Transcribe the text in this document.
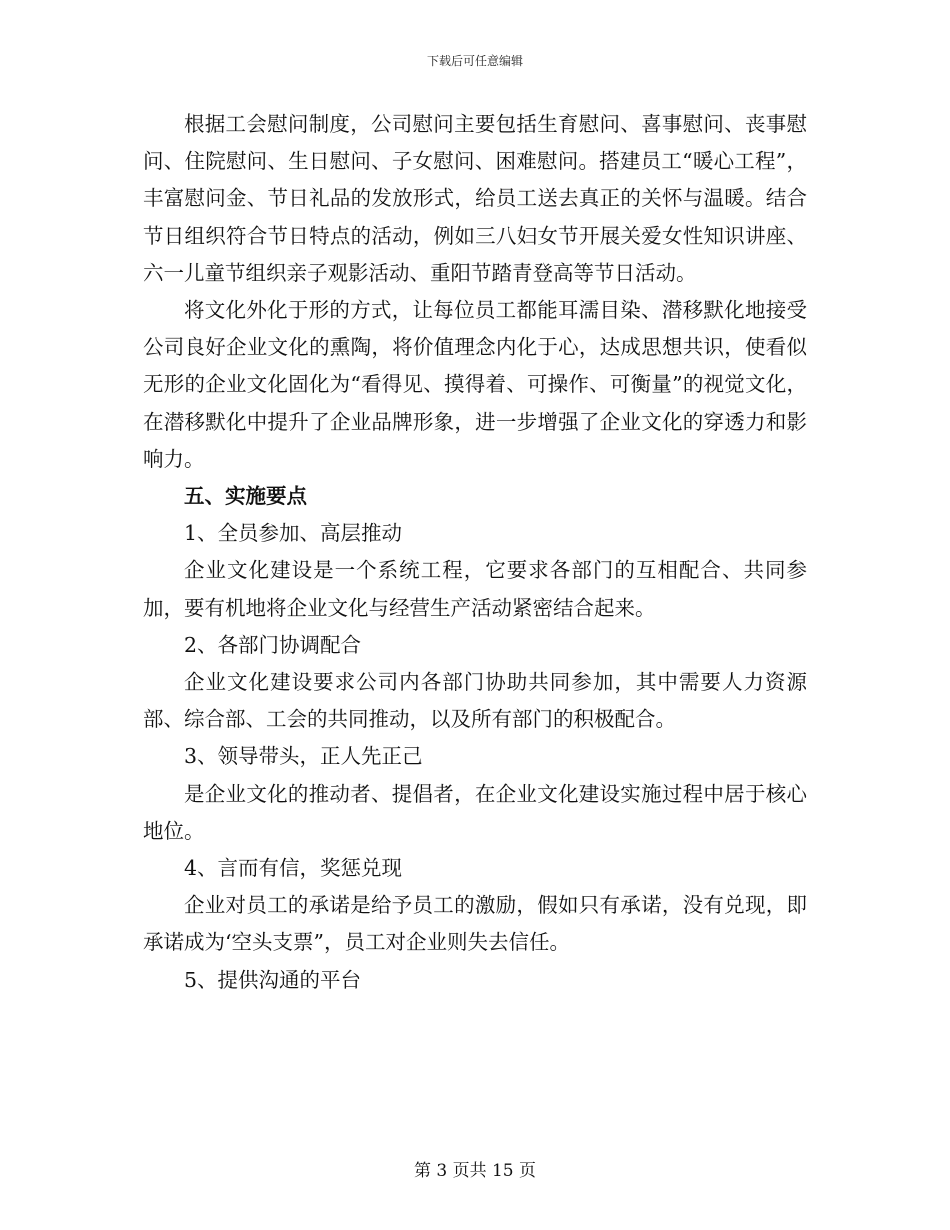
下载后可任意编辑

根据工会慰问制度，公司慰问主要包括生育慰问、喜事慰问、丧事慰问、住院慰问、生日慰问、子女慰问、困难慰问。搭建员工“暖心工程”，丰富慰问金、节日礼品的发放形式，给员工送去真正的关怀与温暖。结合节日组织符合节日特点的活动，例如三八妇女节开展关爱女性知识讲座、六一儿童节组织亲子观影活动、重阳节踏青登高等节日活动。

将文化外化于形的方式，让每位员工都能耳濡目染、潜移默化地接受公司良好企业文化的熏陶，将价值理念内化于心，达成思想共识，使看似无形的企业文化固化为“看得见、摸得着、可操作、可衡量”的视觉文化，在潜移默化中提升了企业品牌形象，进一步增强了企业文化的穿透力和影响力。

五、实施要点

1、全员参加、高层推动

企业文化建设是一个系统工程，它要求各部门的互相配合、共同参加，要有机地将企业文化与经营生产活动紧密结合起来。

2、各部门协调配合

企业文化建设要求公司内各部门协助共同参加，其中需要人力资源部、综合部、工会的共同推动，以及所有部门的积极配合。

3、领导带头，正人先正己

是企业文化的推动者、提倡者，在企业文化建设实施过程中居于核心地位。

4、言而有信，奖惩兑现

企业对员工的承诺是给予员工的激励，假如只有承诺，没有兑现，即承诺成为‘空头支票”，员工对企业则失去信任。

5、提供沟通的平台

第 3 页共 15 页
